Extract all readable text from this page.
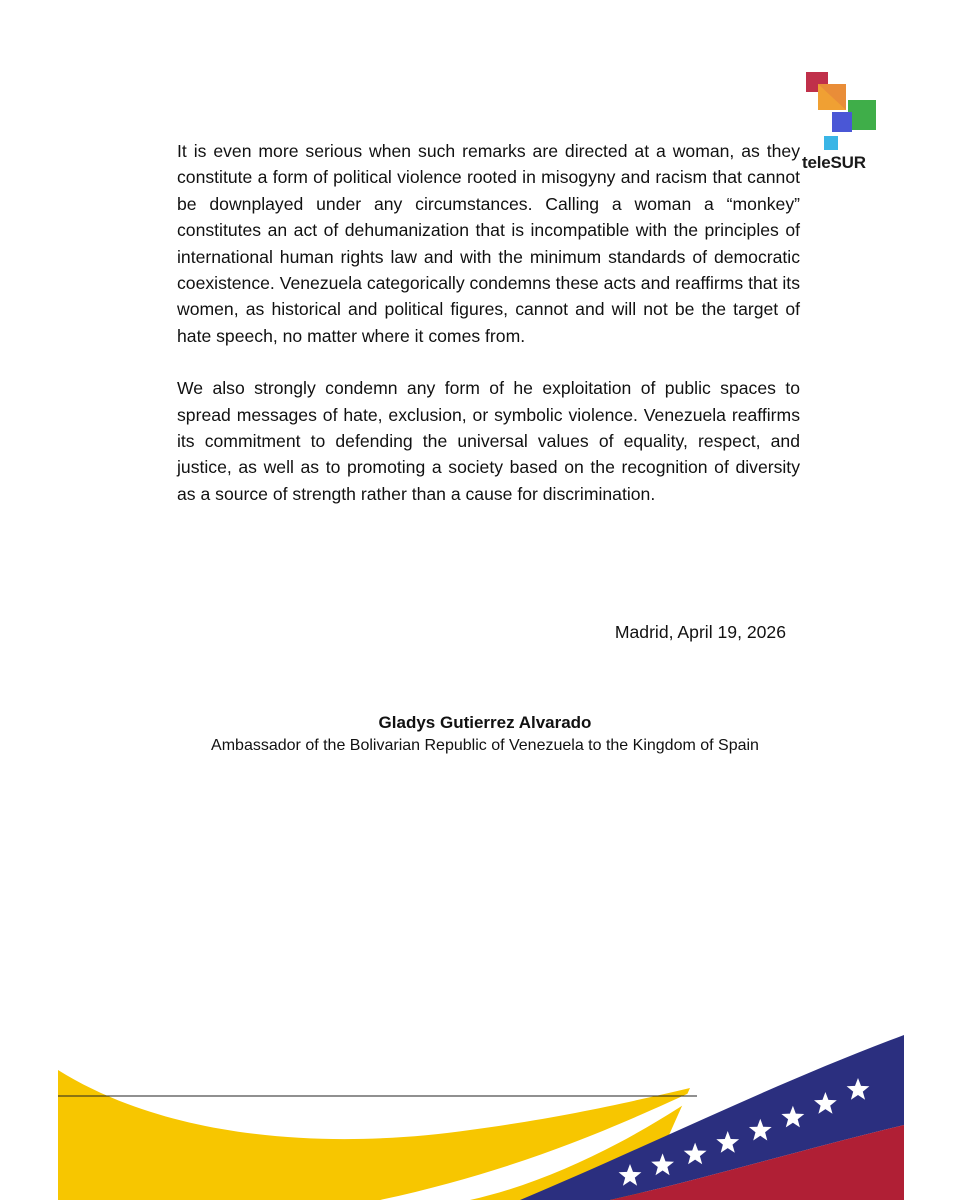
teleSUR

It is even more serious when such remarks are directed at a woman, as they constitute a form of political violence rooted in misogyny and racism that cannot be downplayed under any circumstances. Calling a woman a “monkey” constitutes an act of dehumanization that is incompatible with the principles of international human rights law and with the minimum standards of democratic coexistence. Venezuela categorically condemns these acts and reaffirms that its women, as historical and political figures, cannot and will not be the target of hate speech, no matter where it comes from.

We also strongly condemn any form of he exploitation of public spaces to spread messages of hate, exclusion, or symbolic violence. Venezuela reaffirms its commitment to defending the universal values of equality, respect, and justice, as well as to promoting a society based on the recognition of diversity as a source of strength rather than a cause for discrimination.

Madrid, April 19, 2026
Gladys Gutierrez Alvarado
Ambassador of the Bolivarian Republic of Venezuela to the Kingdom of Spain
